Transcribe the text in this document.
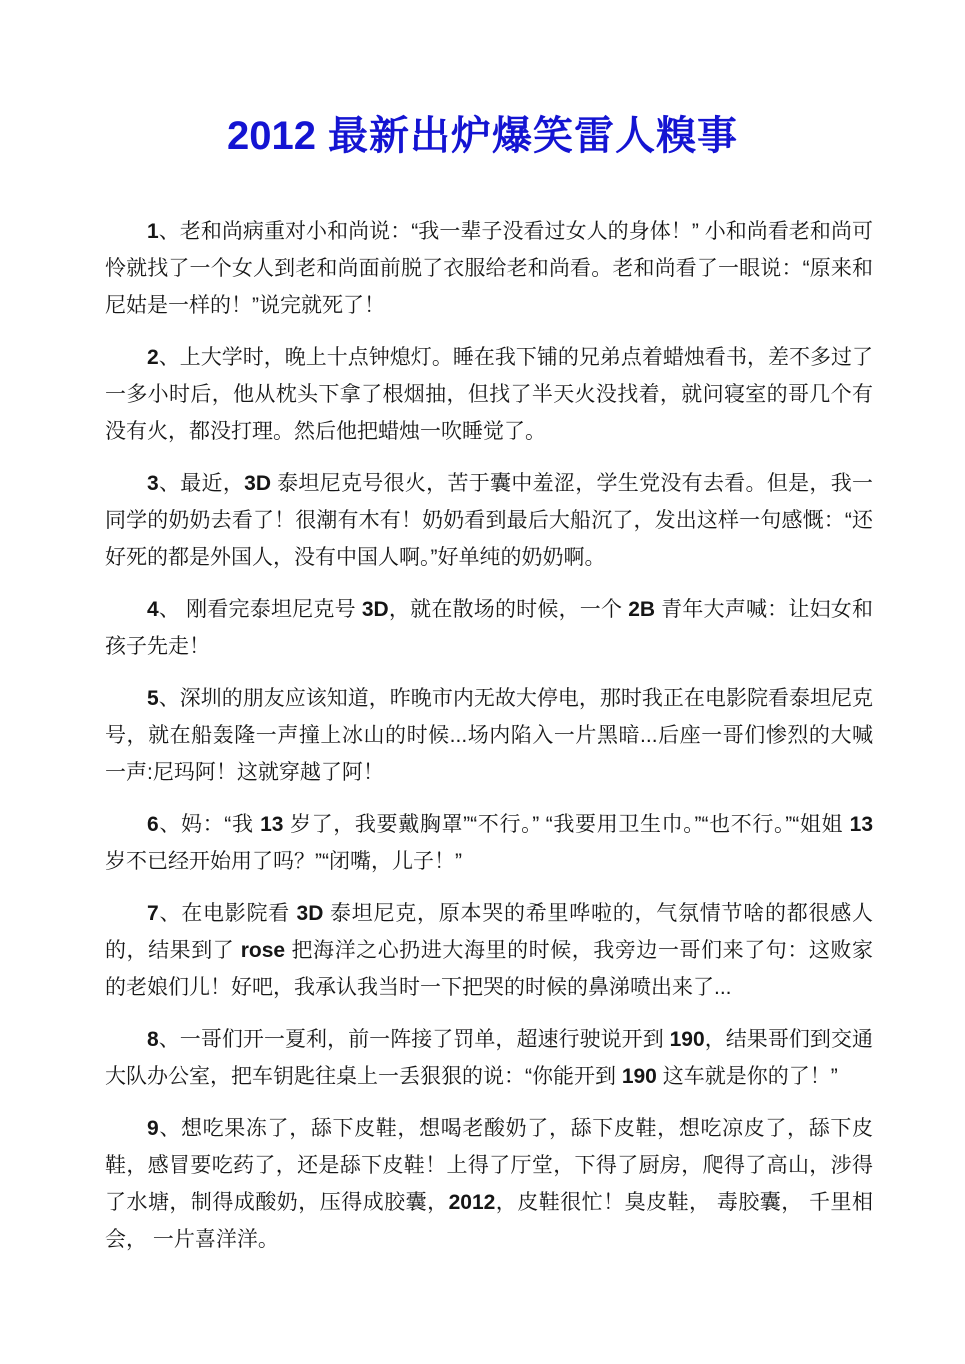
2012 最新出炉爆笑雷人糗事

1、老和尚病重对小和尚说：“我一辈子没看过女人的身体！” 小和尚看老和尚可怜就找了一个女人到老和尚面前脱了衣服给老和尚看。老和尚看了一眼说：“原来和尼姑是一样的！”说完就死了！

2、上大学时，晚上十点钟熄灯。睡在我下铺的兄弟点着蜡烛看书，差不多过了一多小时后，他从枕头下拿了根烟抽，但找了半天火没找着，就问寝室的哥几个有没有火，都没打理。然后他把蜡烛一吹睡觉了。

3、最近，3D 泰坦尼克号很火，苦于囊中羞涩，学生党没有去看。但是，我一同学的奶奶去看了！很潮有木有！奶奶看到最后大船沉了，发出这样一句感慨：“还好死的都是外国人，没有中国人啊。”好单纯的奶奶啊。

4、 刚看完泰坦尼克号 3D，就在散场的时候，一个 2B 青年大声喊：让妇女和孩子先走！

5、深圳的朋友应该知道，昨晚市内无故大停电，那时我正在电影院看泰坦尼克号，就在船轰隆一声撞上冰山的时候...场内陷入一片黑暗...后座一哥们惨烈的大喊一声:尼玛阿！这就穿越了阿！

6、妈：“我 13 岁了，我要戴胸罩”“不行。” “我要用卫生巾。”“也不行。”“姐姐 13 岁不已经开始用了吗？”“闭嘴，儿子！”

7、在电影院看 3D 泰坦尼克，原本哭的希里哗啦的，气氛情节啥的都很感人的，结果到了 rose 把海洋之心扔进大海里的时候，我旁边一哥们来了句：这败家的老娘们儿！好吧，我承认我当时一下把哭的时候的鼻涕喷出来了...

8、一哥们开一夏利，前一阵接了罚单，超速行驶说开到 190，结果哥们到交通大队办公室，把车钥匙往桌上一丢狠狠的说：“你能开到 190 这车就是你的了！”

9、想吃果冻了，舔下皮鞋，想喝老酸奶了，舔下皮鞋，想吃凉皮了，舔下皮鞋，感冒要吃药了，还是舔下皮鞋！上得了厅堂，下得了厨房，爬得了高山，涉得了水塘，制得成酸奶，压得成胶囊，2012，皮鞋很忙！臭皮鞋， 毒胶囊， 千里相会， 一片喜洋洋。
